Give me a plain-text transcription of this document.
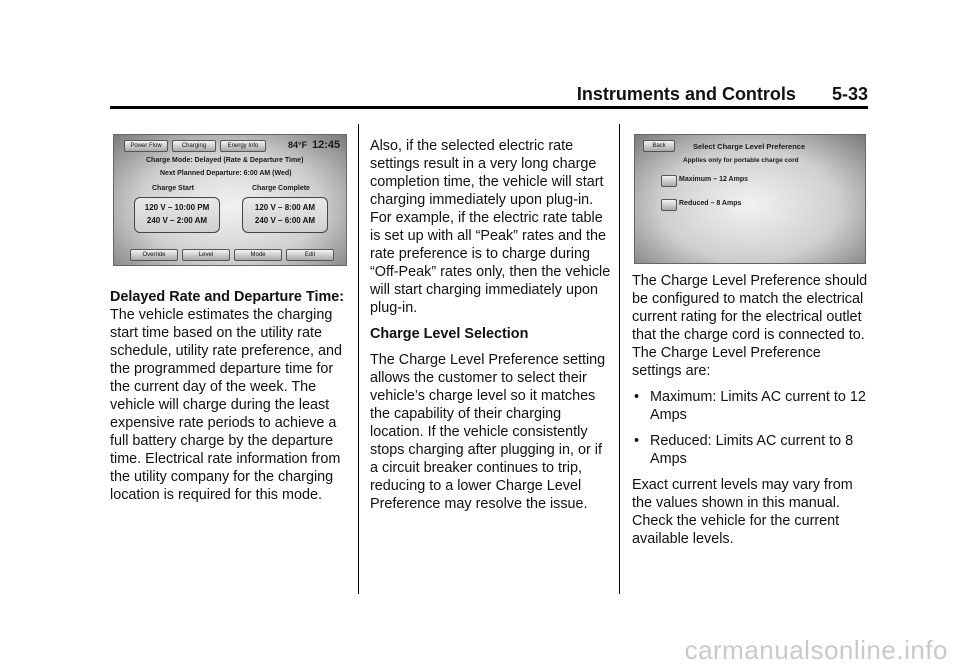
Instruments and Controls 5-33
Power Flow	Charging	Energy Info	84°F 12:45
Charge Mode: Delayed (Rate & Departure Time)
Next Planned Departure: 6:00 AM (Wed)
Charge Start	Charge Complete
120 V – 10:00 PM
240 V – 2:00 AM
120 V – 8:00 AM
240 V – 6:00 AM
Override	Level	Mode	Edit

Delayed Rate and Departure Time: The vehicle estimates the charging start time based on the utility rate schedule, utility rate preference, and the programmed departure time for the current day of the week. The vehicle will charge during the least expensive rate periods to achieve a full battery charge by the departure time. Electrical rate information from the utility company for the charging location is required for this mode.

Also, if the selected electric rate settings result in a very long charge completion time, the vehicle will start charging immediately upon plug-in. For example, if the electric rate table is set up with all “Peak” rates and the rate preference is to charge during “Off-Peak” rates only, then the vehicle will start charging immediately upon plug-in.

Charge Level Selection

The Charge Level Preference setting allows the customer to select their vehicle’s charge level so it matches the capability of their charging location. If the vehicle consistently stops charging after plugging in, or if a circuit breaker continues to trip, reducing to a lower Charge Level Preference may resolve the issue.

Back	Select Charge Level Preference
Applies only for portable charge cord
Maximum – 12 Amps
Reduced – 8 Amps

The Charge Level Preference should be configured to match the electrical current rating for the electrical outlet that the charge cord is connected to. The Charge Level Preference settings are:

• Maximum: Limits AC current to 12 Amps
• Reduced: Limits AC current to 8 Amps

Exact current levels may vary from the values shown in this manual. Check the vehicle for the current available levels.

carmanualsonline.info
